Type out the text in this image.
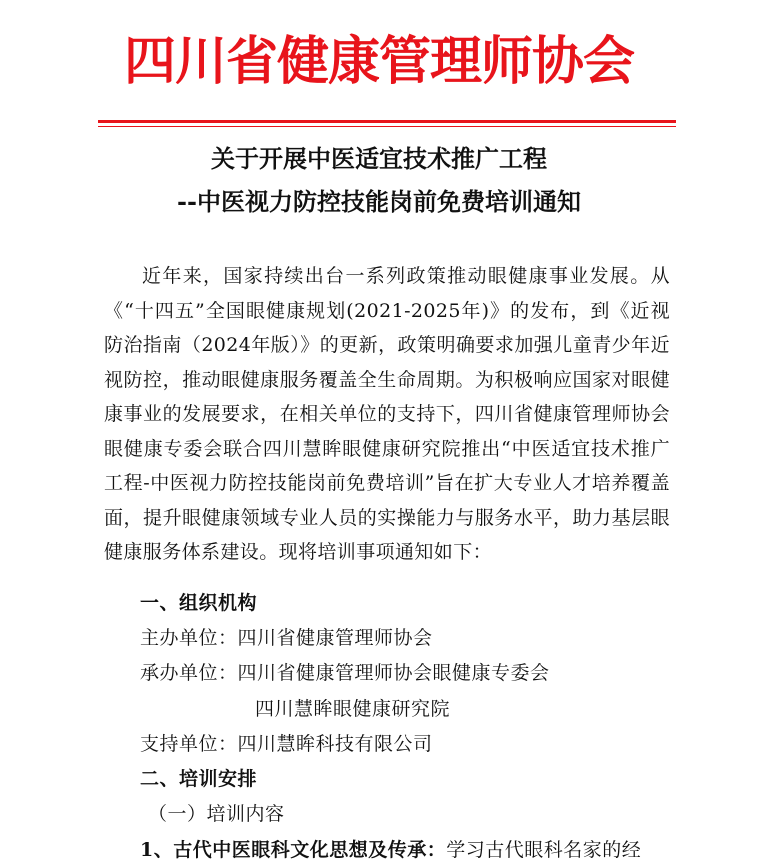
四川省健康管理师协会
关于开展中医适宜技术推广工程
--中医视力防控技能岗前免费培训通知
近年来，国家持续出台一系列政策推动眼健康事业发展。从《“十四五”全国眼健康规划(2021-2025年)》的发布，到《近视防治指南（2024年版）》的更新，政策明确要求加强儿童青少年近视防控，推动眼健康服务覆盖全生命周期。为积极响应国家对眼健康事业的发展要求，在相关单位的支持下，四川省健康管理师协会眼健康专委会联合四川慧眸眼健康研究院推出“中医适宜技术推广工程-中医视力防控技能岗前免费培训”旨在扩大专业人才培养覆盖面，提升眼健康领域专业人员的实操能力与服务水平，助力基层眼健康服务体系建设。现将培训事项通知如下：
一、组织机构
主办单位：四川省健康管理师协会
承办单位：四川省健康管理师协会眼健康专委会
四川慧眸眼健康研究院
支持单位：四川慧眸科技有限公司
二、培训安排
（一）培训内容
1、古代中医眼科文化思想及传承：学习古代眼科名家的经
